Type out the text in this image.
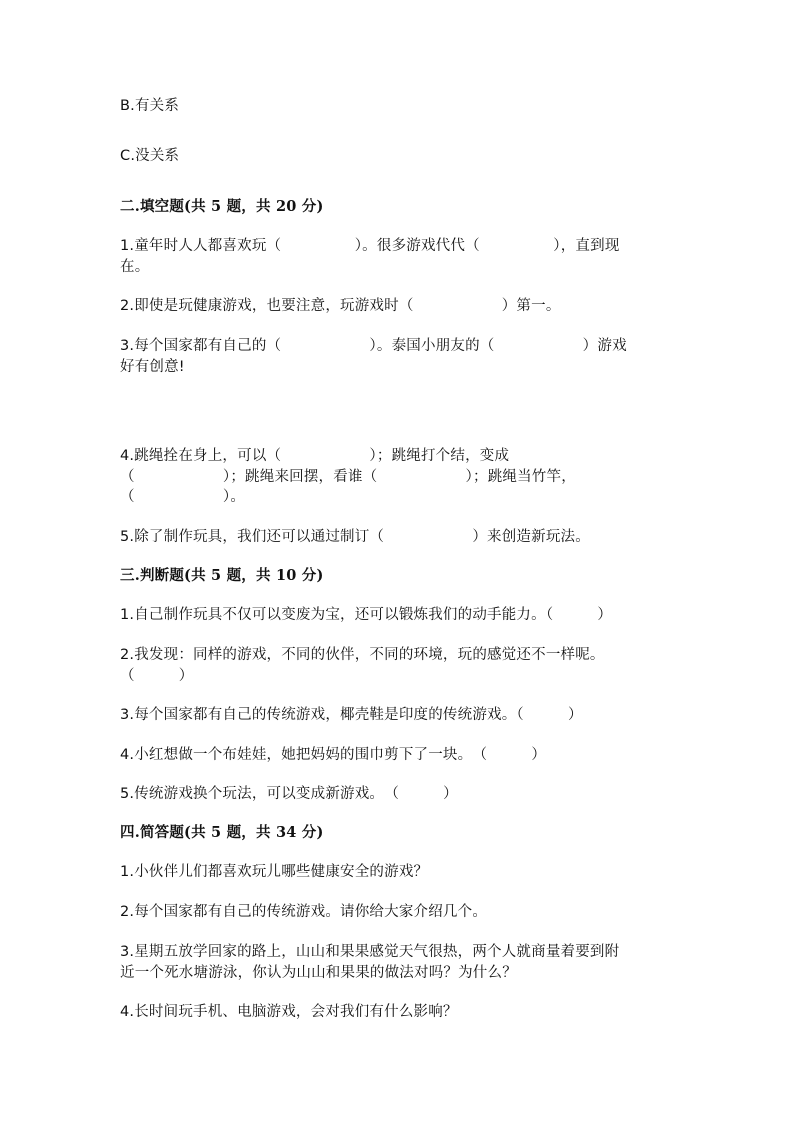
B.有关系

C.没关系

二.填空题(共 5 题，共 20 分)

1.童年时人人都喜欢玩（　　　　　）。很多游戏代代（　　　　　），直到现

在。

2.即使是玩健康游戏，也要注意，玩游戏时（　　　　　　）第一。

3.每个国家都有自己的（　　　　　　）。泰国小朋友的（　　　　　　）游戏

好有创意!

4.跳绳拴在身上，可以（　　　　　　）；跳绳打个结，变成

（　　　　　　）；跳绳来回摆，看谁（　　　　　　）；跳绳当竹竿，

（　　　　　　）。

5.除了制作玩具，我们还可以通过制订（　　　　　　）来创造新玩法。

三.判断题(共 5 题，共 10 分)

1.自己制作玩具不仅可以变废为宝，还可以锻炼我们的动手能力。（　　　）

2.我发现：同样的游戏，不同的伙伴，不同的环境，玩的感觉还不一样呢。

（　　　）

3.每个国家都有自己的传统游戏，椰壳鞋是印度的传统游戏。（　　　）

4.小红想做一个布娃娃，她把妈妈的围巾剪下了一块。　（　　　）

5.传统游戏换个玩法，可以变成新游戏。　（　　　）

四.简答题(共 5 题，共 34 分)

1.小伙伴儿们都喜欢玩儿哪些健康安全的游戏？

2.每个国家都有自己的传统游戏。请你给大家介绍几个。

3.星期五放学回家的路上，山山和果果感觉天气很热，两个人就商量着要到附

近一个死水塘游泳，你认为山山和果果的做法对吗？为什么？

4.长时间玩手机、电脑游戏，会对我们有什么影响？
